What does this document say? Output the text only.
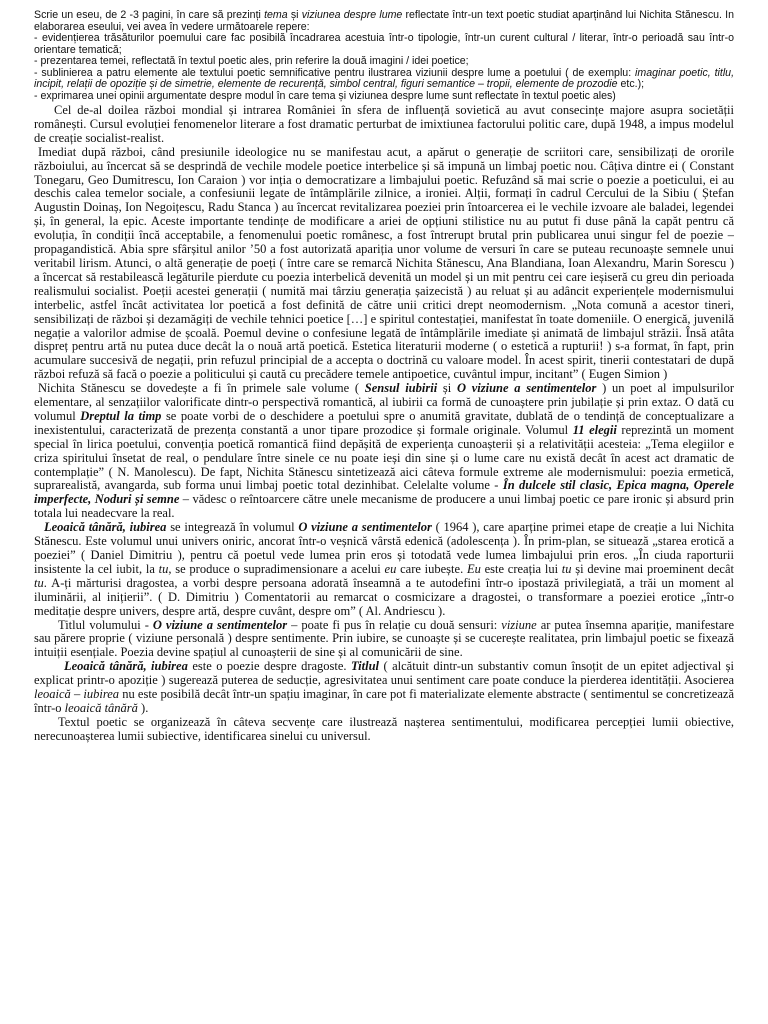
Scrie un eseu, de 2 -3 pagini, în care să prezinți tema și viziunea despre lume reflectate într-un text poetic studiat aparținând lui Nichita Stănescu. În elaborarea eseului, vei avea în vedere următoarele repere:

- evidențierea trăsăturilor poemului care fac posibilă încadrarea acestuia într-o tipologie, într-un curent cultural / literar, într-o perioadă sau într-o orientare tematică;

- prezentarea temei, reflectată în textul poetic ales, prin referire la două imagini / idei poetice;

- sublinierea a patru elemente ale textului poetic semnificative pentru ilustrarea viziunii despre lume a poetului ( de exemplu: imaginar poetic, titlu, incipit, relații de opoziție și de simetrie, elemente de recurență, simbol central, figuri semantice – tropii, elemente de prozodie etc.);

- exprimarea unei opinii argumentate despre modul în care tema și viziunea despre lume sunt reflectate în textul poetic ales)

Cel de-al doilea război mondial și intrarea României în sfera de influență sovietică au avut consecințe majore asupra societății românești. Cursul evoluției fenomenelor literare a fost dramatic perturbat de imixtiunea factorului politic care, după 1948, a impus modelul de creație socialist-realist.

Imediat după război, când presiunile ideologice nu se manifestau acut, a apărut o generație de scriitori care, sensibilizați de ororile războiului, au încercat să se desprindă de vechile modele poetice interbelice și să impună un limbaj poetic nou. Câțiva dintre ei ( Constant Tonegaru, Geo Dumitrescu, Ion Caraion ) vor inția o democratizare a limbajului poetic. Refuzând să mai scrie o poezie a poeticului, ei au deschis calea temelor sociale, a confesiunii legate de întâmplările zilnice, a ironiei. Alții, formați în cadrul Cercului de la Sibiu ( Ștefan Augustin Doinaș, Ion Negoițescu, Radu Stanca ) au încercat revitalizarea poeziei prin întoarcerea ei le vechile izvoare ale baladei, legendei și, în general, la epic. Aceste importante tendințe de modificare a ariei de opțiuni stilistice nu au putut fi duse până la capăt pentru că evoluția, în condiții încă acceptabile, a fenomenului poetic românesc, a fost întrerupt brutal prin publicarea unui singur fel de poezie – propagandistică. Abia spre sfârșitul anilor ’50 a fost autorizată apariția unor volume de versuri în care se puteau recunoaște semnele unui veritabil lirism. Atunci, o altă generație de poeți ( între care se remarcă Nichita Stănescu, Ana Blandiana, Ioan Alexandru, Marin Sorescu ) a încercat să restabilească legăturile pierdute cu poezia interbelică devenită un model și un mit pentru cei care ieșiseră cu greu din perioada realismului socialist. Poeții acestei generații ( numită mai târziu generația șaizecistă ) au reluat și au adâncit experiențele modernismului interbelic, astfel încât activitatea lor poetică a fost definită de către unii critici drept neomodernism. „Nota comună a acestor tineri, sensibilizați de război și dezamăgiți de vechile tehnici poetice […] e spiritul contestației, manifestat în toate domeniile. O energică, juvenilă negație a valorilor admise de școală. Poemul devine o confesiune legată de întâmplările imediate și animată de limbajul străzii. Însă atâta dispreț pentru artă nu putea duce decât la o nouă artă poetică. Estetica literaturii moderne ( o estetică a rupturii! ) s-a format, în fapt, prin acumulare succesivă de negații, prin refuzul principial de a accepta o doctrină cu valoare model. În acest spirit, tinerii contestatari de după război refuză să facă o poezie a politicului și caută cu precădere temele antipoetice, cuvântul impur, incitant” ( Eugen Simion )

Nichita Stănescu se dovedește a fi în primele sale volume ( Sensul iubirii și O viziune a sentimentelor ) un poet al impulsurilor elementare, al senzațiilor valorificate dintr-o perspectivă romantică, al iubirii ca formă de cunoaștere prin jubilație și prin extaz. O dată cu volumul Dreptul la timp se poate vorbi de o deschidere a poetului spre o anumită gravitate, dublată de o tendință de conceptualizare a inexistentului, caracterizată de prezența constantă a unor tipare prozodice și formale originale. Volumul 11 elegii reprezintă un moment special în lirica poetului, convenția poetică romantică fiind depășită de experiența cunoașterii și a relativității acesteia: „Tema elegiilor e criza spiritului însetat de real, o pendulare între sinele ce nu poate ieși din sine și o lume care nu există decât în acest act dramatic de contemplație” ( N. Manolescu). De fapt, Nichita Stănescu sintetizează aici câteva formule extreme ale modernismului: poezia ermetică, suprarealistă, avangarda, sub forma unui limbaj poetic total dezinhibat. Celelalte volume - În dulcele stil clasic, Epica magna, Operele imperfecte, Noduri și semne – vădesc o reîntoarcere către unele mecanisme de producere a unui limbaj poetic ce pare ironic și absurd prin totala lui neadecvare la real.

Leoaică tânără, iubirea se integrează în volumul O viziune a sentimentelor ( 1964 ), care aparține primei etape de creație a lui Nichita Stănescu. Este volumul unui univers oniric, ancorat într-o veșnică vârstă edenică (adolescența ). În prim-plan, se situează „starea erotică a poeziei” ( Daniel Dimitriu ), pentru că poetul vede lumea prin eros și totodată vede lumea limbajului prin eros. „În ciuda raporturii insistente la cel iubit, la tu, se produce o supradimensionare a acelui eu care iubește. Eu este creația lui tu și devine mai proeminent decât tu. A-ți mărturisi dragostea, a vorbi despre persoana adorată înseamnă a te autodefini într-o ipostază privilegiată, a trăi un moment al iluminării, al inițierii”. ( D. Dimitriu ) Comentatorii au remarcat o cosmicizare a dragostei, o transformare a poeziei erotice „într-o meditație despre univers, despre artă, despre cuvânt, despre om” ( Al. Andriescu ).

Titlul volumului - O viziune a sentimentelor – poate fi pus în relație cu două sensuri: viziune ar putea însemna apariție, manifestare sau părere proprie ( viziune personală ) despre sentimente. Prin iubire, se cunoaște și se cucerește realitatea, prin limbajul poetic se fixează intuiții esențiale. Poezia devine spațiul al cunoașterii de sine și al comunicării de sine.

Leoaică tânără, iubirea este o poezie despre dragoste. Titlul ( alcătuit dintr-un substantiv comun însoțit de un epitet adjectival și explicat printr-o apoziție ) sugerează puterea de seducție, agresivitatea unui sentiment care poate conduce la pierderea identității. Asocierea leoaică – iubirea nu este posibilă decât într-un spațiu imaginar, în care pot fi materializate elemente abstracte ( sentimentul se concretizează într-o leoaică tânără ).

Textul poetic se organizează în câteva secvențe care ilustrează nașterea sentimentului, modificarea percepției lumii obiective, nerecunoașterea lumii subiective, identificarea sinelui cu universul.
